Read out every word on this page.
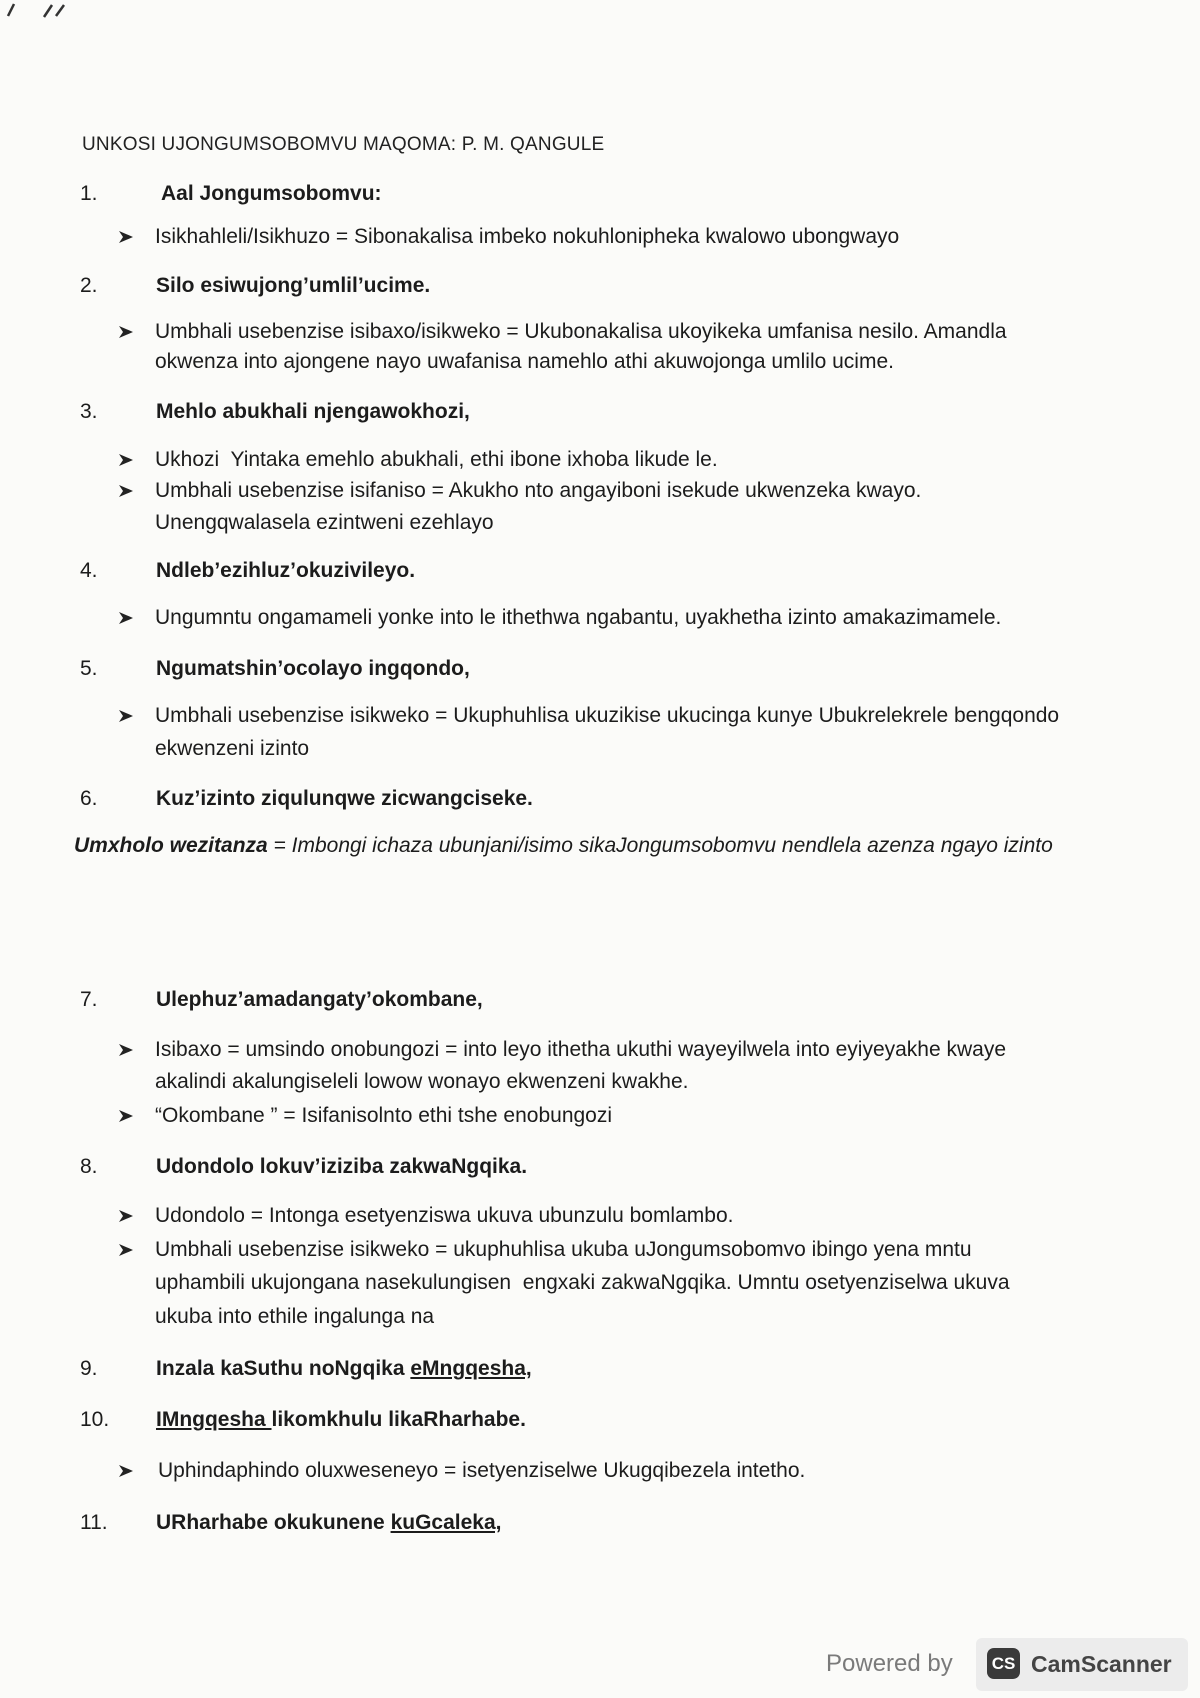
UNKOSI UJONGUMSOBOMVU MAQOMA: P. M. QANGULE
1.	Aal Jongumsobomvu:
Isikhahleli/Isikhuzo = Sibonakalisa imbeko nokuhlonipheka kwalowo ubongwayo
2.	Silo esiwujong’umlil’ucime.
Umbhali usebenzise isibaxo/isikweko = Ukubonakalisa ukoyikeka umfanisa nesilo. Amandla
okwenza into ajongene nayo uwafanisa namehlo athi akuwojonga umlilo ucime.
3.	Mehlo abukhali njengawokhozi,
Ukhozi  Yintaka emehlo abukhali, ethi ibone ixhoba likude le.
Umbhali usebenzise isifaniso = Akukho nto angayiboni isekude ukwenzeka kwayo.
Unengqwalasela ezintweni ezehlayo
4.	Ndleb’ezihluz’okuzivileyo.
Ungumntu ongamameli yonke into le ithethwa ngabantu, uyakhetha izinto amakazimamele.
5.	Ngumatshin’ocolayo ingqondo,
Umbhali usebenzise isikweko = Ukuphuhlisa ukuzikise ukucinga kunye Ubukrelekrele bengqondo
ekwenzeni izinto
6.	Kuz’izinto ziqulunqwe zicwangciseke.
Umxholo wezitanza = Imbongi ichaza ubunjani/isimo sikaJongumsobomvu nendlela azenza ngayo izinto
7.	Ulephuz’amadangaty’okombane,
Isibaxo = umsindo onobungozi = into leyo ithetha ukuthi wayeyilwela into eyiyeyakhe kwaye
akalindi akalungiseleli lowow wonayo ekwenzeni kwakhe.
“Okombane ” = Isifanisolnto ethi tshe enobungozi
8.	Udondolo lokuv’iziziba zakwaNgqika.
Udondolo = Intonga esetyenziswa ukuva ubunzulu bomlambo.
Umbhali usebenzise isikweko = ukuphuhlisa ukuba uJongumsobomvo ibingo yena mntu
uphambili ukujongana nasekulungisen  engxaki zakwaNgqika. Umntu osetyenziselwa ukuva
ukuba into ethile ingalunga na
9.	Inzala kaSuthu noNgqika eMngqesha,
10. IMngqesha likomkhulu likaRharhabe.
Uphindaphindo oluxweseneyo = isetyenziselwe Ukugqibezela intetho.
11. URharhabe okukunene kuGcaleka,
Powered by CS CamScanner
